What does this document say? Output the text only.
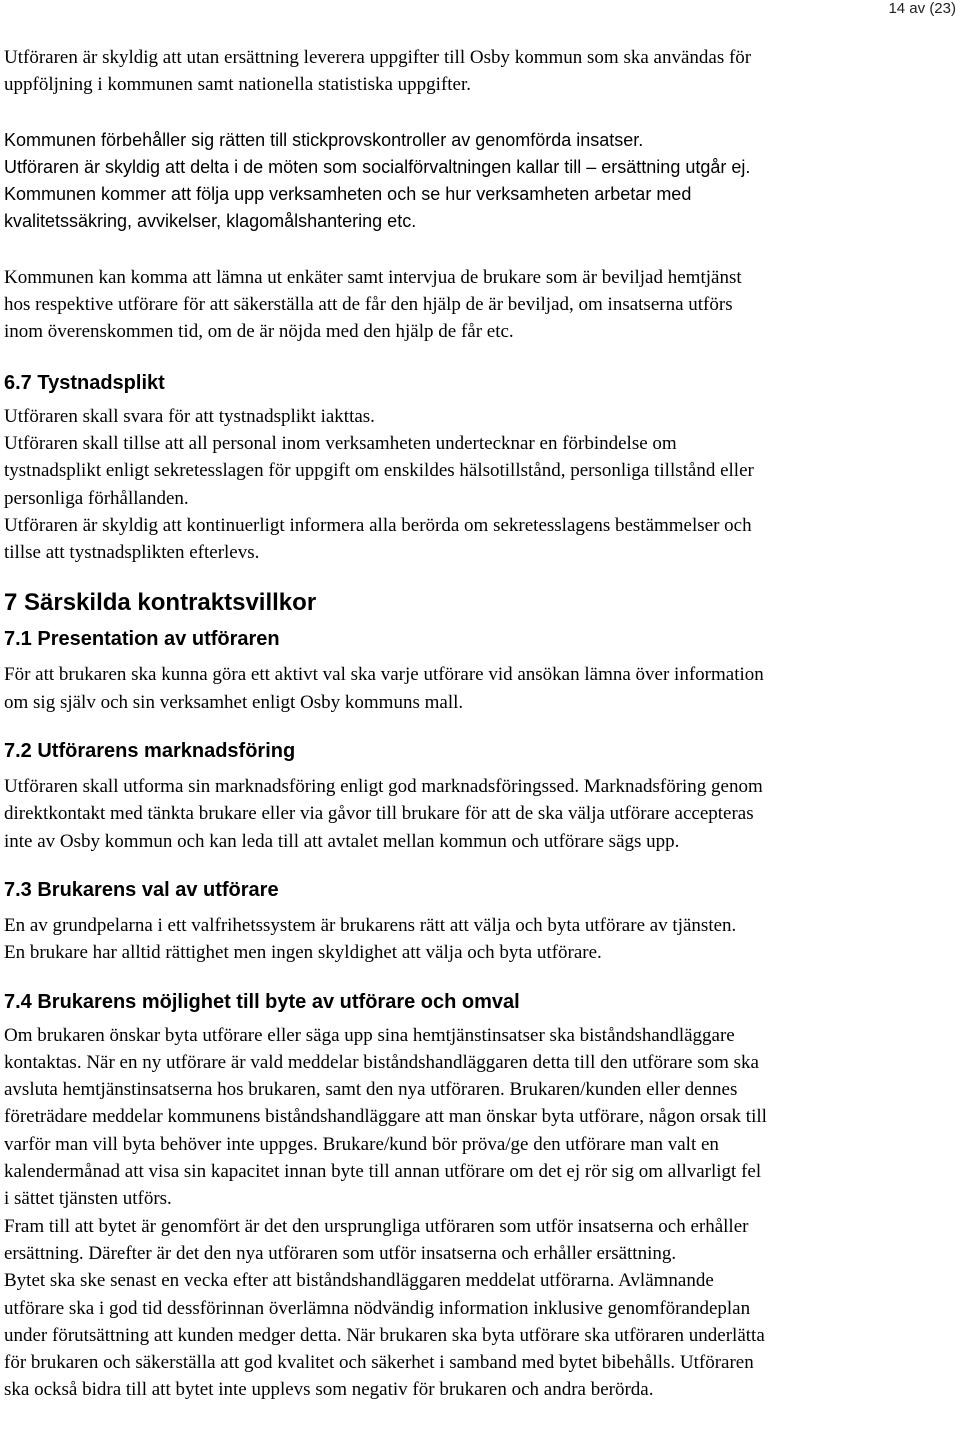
14 av (23)

Utföraren är skyldig att utan ersättning leverera uppgifter till Osby kommun som ska användas för
uppföljning i kommunen samt nationella statistiska uppgifter.

Kommunen förbehåller sig rätten till stickprovskontroller av genomförda insatser.
Utföraren är skyldig att delta i de möten som socialförvaltningen kallar till – ersättning utgår ej.
Kommunen kommer att följa upp verksamheten och se hur verksamheten arbetar med
kvalitetssäkring, avvikelser, klagomålshantering etc.

Kommunen kan komma att lämna ut enkäter samt intervjua de brukare som är beviljad hemtjänst
hos respektive utförare för att säkerställa att de får den hjälp de är beviljad, om insatserna utförs
inom överenskommen tid, om de är nöjda med den hjälp de får etc.

6.7 Tystnadsplikt

Utföraren skall svara för att tystnadsplikt iakttas.
Utföraren skall tillse att all personal inom verksamheten undertecknar en förbindelse om
tystnadsplikt enligt sekretesslagen för uppgift om enskildes hälsotillstånd, personliga tillstånd eller
personliga förhållanden.
Utföraren är skyldig att kontinuerligt informera alla berörda om sekretesslagens bestämmelser och
tillse att tystnadsplikten efterlevs.

7 Särskilda kontraktsvillkor
7.1 Presentation av utföraren

För att brukaren ska kunna göra ett aktivt val ska varje utförare vid ansökan lämna över information
om sig själv och sin verksamhet enligt Osby kommuns mall.

7.2 Utförarens marknadsföring

Utföraren skall utforma sin marknadsföring enligt god marknadsföringssed. Marknadsföring genom
direktkontakt med tänkta brukare eller via gåvor till brukare för att de ska välja utförare accepteras
inte av Osby kommun och kan leda till att avtalet mellan kommun och utförare sägs upp.

7.3 Brukarens val av utförare

En av grundpelarna i ett valfrihetssystem är brukarens rätt att välja och byta utförare av tjänsten.
En brukare har alltid rättighet men ingen skyldighet att välja och byta utförare.

7.4 Brukarens möjlighet till byte av utförare och omval

Om brukaren önskar byta utförare eller säga upp sina hemtjänstinsatser ska biståndshandläggare
kontaktas. När en ny utförare är vald meddelar biståndshandläggaren detta till den utförare som ska
avsluta hemtjänstinsatserna hos brukaren, samt den nya utföraren. Brukaren/kunden eller dennes
företrädare meddelar kommunens biståndshandläggare att man önskar byta utförare, någon orsak till
varför man vill byta behöver inte uppges. Brukare/kund bör pröva/ge den utförare man valt en
kalendermånad att visa sin kapacitet innan byte till annan utförare om det ej rör sig om allvarligt fel
i sättet tjänsten utförs.
Fram till att bytet är genomfört är det den ursprungliga utföraren som utför insatserna och erhåller
ersättning. Därefter är det den nya utföraren som utför insatserna och erhåller ersättning.
Bytet ska ske senast en vecka efter att biståndshandläggaren meddelat utförarna. Avlämnande
utförare ska i god tid dessförinnan överlämna nödvändig information inklusive genomförandeplan
under förutsättning att kunden medger detta. När brukaren ska byta utförare ska utföraren underlätta
för brukaren och säkerställa att god kvalitet och säkerhet i samband med bytet bibehålls. Utföraren
ska också bidra till att bytet inte upplevs som negativ för brukaren och andra berörda.
